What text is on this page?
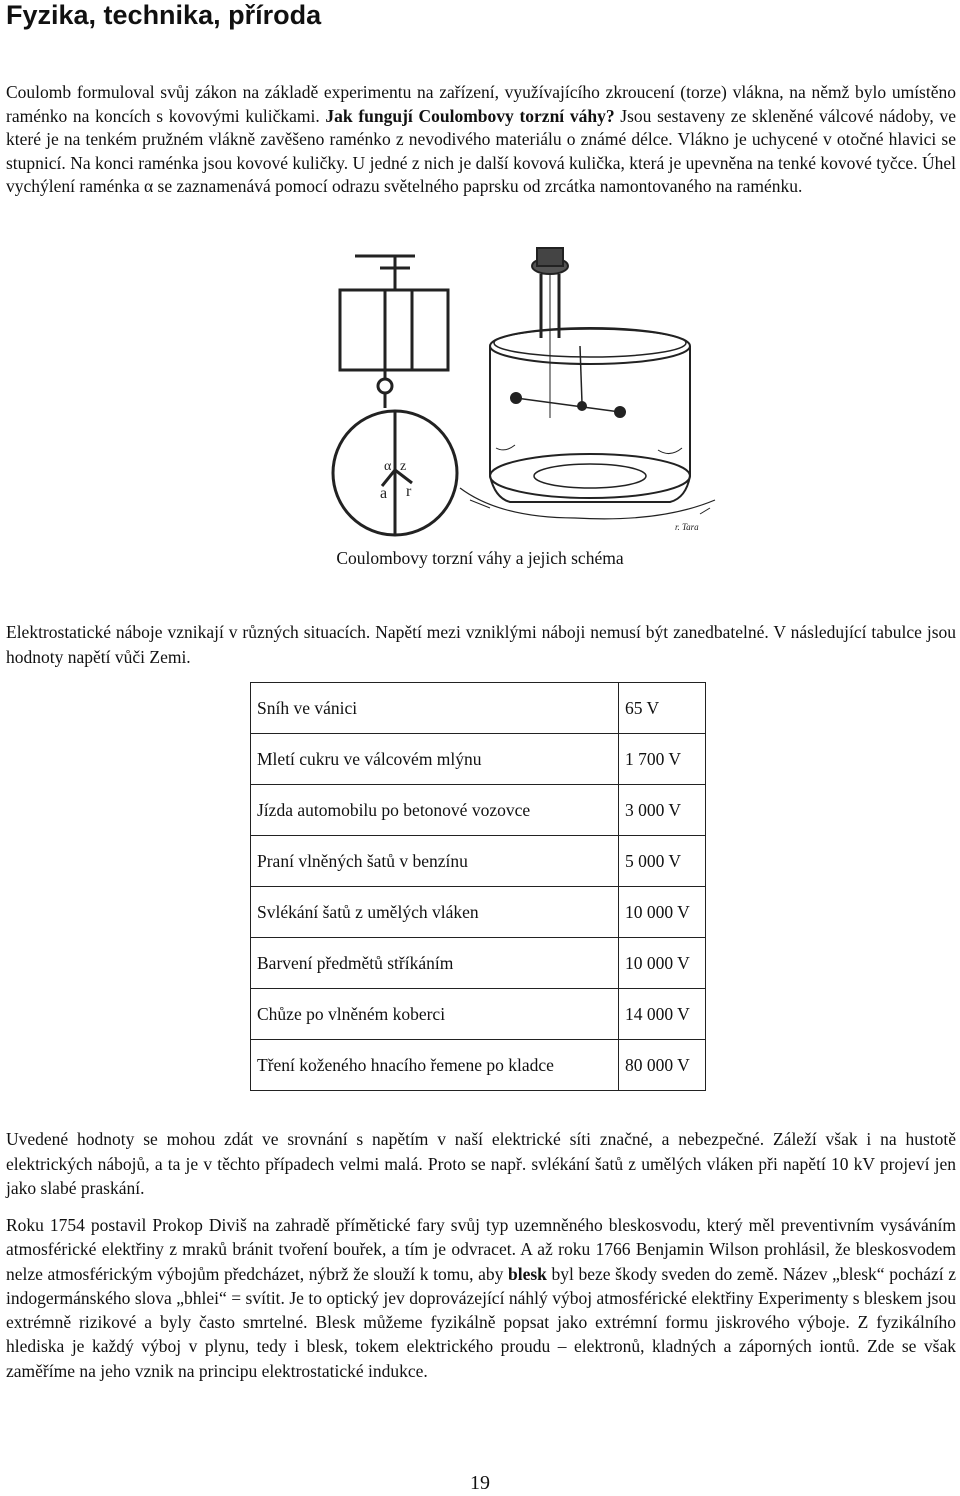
Fyzika, technika, příroda

Coulomb formuloval svůj zákon na základě experimentu na zařízení, využívajícího zkroucení (torze) vlákna, na němž bylo umístěno raménko na koncích s kovovými kuličkami. Jak fungují Coulombovy torzní váhy? Jsou sestaveny ze skleněné válcové nádoby, ve které je na tenkém pružném vlákně zavěšeno raménko z nevodivého materiálu o známé délce. Vlákno je uchycené v otočné hlavici se stupnicí. Na konci raménka jsou kovové kuličky. U jedné z nich je další kovová kulička, která je upevněna na tenké kovové tyčce. Úhel vychýlení raménka α se zaznamenává pomocí odrazu světelného paprsku od zrcátka namontovaného na raménku.

α z
a r
r. Tara
Coulombovy torzní váhy a jejich schéma

Elektrostatické náboje vznikají v různých situacích. Napětí mezi vzniklými náboji nemusí být zanedbatelné. V následující tabulce jsou hodnoty napětí vůči Zemi.

Sníh ve vánici	65 V
Mletí cukru ve válcovém mlýnu	1 700 V
Jízda automobilu po betonové vozovce	3 000 V
Praní vlněných šatů v benzínu	5 000 V
Svlékání šatů z umělých vláken	10 000 V
Barvení předmětů stříkáním	10 000 V
Chůze po vlněném koberci	14 000 V
Tření koženého hnacího řemene po kladce	80 000 V

Uvedené hodnoty se mohou zdát ve srovnání s napětím v naší elektrické síti značné, a nebezpečné. Záleží však i na hustotě elektrických nábojů, a ta je v těchto případech velmi malá. Proto se např. svlékání šatů z umělých vláken při napětí 10 kV projeví jen jako slabé praskání.

Roku 1754 postavil Prokop Diviš na zahradě přímětické fary svůj typ uzemněného bleskosvodu, který měl preventivním vysáváním atmosférické elektřiny z mraků bránit tvoření bouřek, a tím je odvracet. A až roku 1766 Benjamin Wilson prohlásil, že bleskosvodem nelze atmosférickým výbojům předcházet, nýbrž že slouží k tomu, aby blesk byl beze škody sveden do země. Název „blesk“ pochází z indogermánského slova „bhlei“ = svítit. Je to optický jev doprovázející náhlý výboj atmosférické elektřiny Experimenty s bleskem jsou extrémně rizikové a byly často smrtelné. Blesk můžeme fyzikálně popsat jako extrémní formu jiskrového výboje. Z fyzikálního hlediska je každý výboj v plynu, tedy i blesk, tokem elektrického proudu – elektronů, kladných a záporných iontů. Zde se však zaměříme na jeho vznik na principu elektrostatické indukce.

19
